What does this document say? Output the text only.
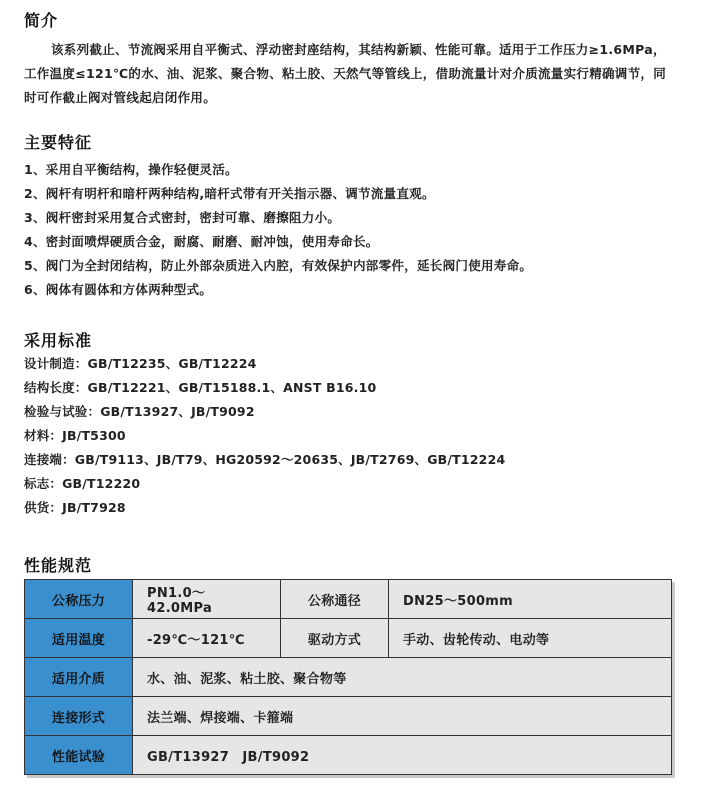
简介

该系列截止、节流阀采用自平衡式、浮动密封座结构，其结构新颖、性能可靠。适用于工作压力≥1.6MPa，工作温度≤121℃的水、油、泥浆、聚合物、粘土胶、天然气等管线上，借助流量计对介质流量实行精确调节，同时可作截止阀对管线起启闭作用。

主要特征
1、采用自平衡结构，操作轻便灵活。
2、阀杆有明杆和暗杆两种结构,暗杆式带有开关指示器、调节流量直观。
3、阀杆密封采用复合式密封，密封可靠、磨擦阻力小。
4、密封面喷焊硬质合金，耐腐、耐磨、耐冲蚀，使用寿命长。
5、阀门为全封闭结构，防止外部杂质进入内腔，有效保护内部零件，延长阀门使用寿命。
6、阀体有圆体和方体两种型式。
采用标准
设计制造：GB/T12235、GB/T12224
结构长度：GB/T12221、GB/T15188.1、ANST B16.10
检验与试验：GB/T13927、JB/T9092
材料：JB/T5300
连接端：GB/T9113、JB/T79、HG20592～20635、JB/T2769、GB/T12224
标志：GB/T12220
供货：JB/T7928
性能规范
公称压力	PN1.0～42.0MPa	公称通径	DN25～500mm
适用温度	-29℃～121℃	驱动方式	手动、齿轮传动、电动等
适用介质	水、油、泥浆、粘土胶、聚合物等		
连接形式	法兰端、焊接端、卡箍端		
性能试验	GB/T13927　JB/T9092		
